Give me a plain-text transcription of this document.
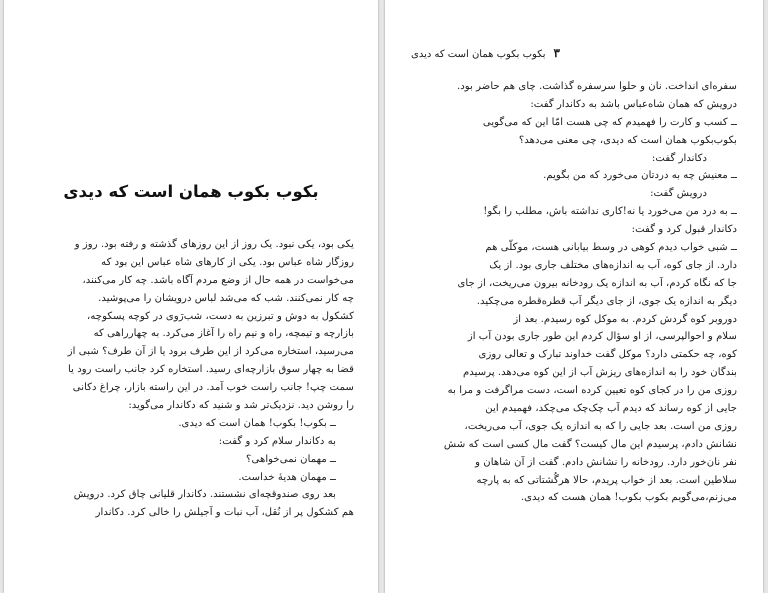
بکوب بکوب همان است که دیدی
یکی بود، یکی نبود. یک روز از این روزهای گذشته و رفته بود. روز و
روزگار شاه عباس بود. یکی از کارهای شاه عباس این بود که
می‌خواست در همه حال از وضع مردم آگاه باشد. چه کار می‌کنند،
چه کار نمی‌کنند. شب که می‌شد لباس درویشان را می‌پوشید.
کشکول به دوش و تبرزین به دست، شب‌رَوی در کوچه پسکوچه،
بازارچه و تیمچه، راه و نیم راه را آغاز می‌کرد. به چهارراهی که
می‌رسید، استخاره می‌کرد از این طرف برود یا از آن طرف؟ شبی از
قضا به چهار سوق بازارچه‌ای رسید. استخاره کرد جانب راست رود یا
سمت چپ! جانب راست خوب آمد. در این راسته بازار، چراغ دکانی
را روشن دید. نزدیک‌تر شد و شنید که دکاندار می‌گوید:
ــ بکوب! بکوب! همان است که دیدی.
به دکاندار سلام کرد و گفت:
ــ مهمان نمی‌خواهی؟
ــ مهمان هدیهٔ خداست.
بعد روی صندوقچه‌ای نشستند. دکاندار قلیانی چاق کرد. درویش
هم کشکول پر از نُقل، آب نبات و آجیلش را خالی کرد. دکاندار
۳
بکوب بکوب همان است که دیدی
سفره‌ای انداخت. نان و حلوا سرسفره گذاشت. چای هم حاضر بود.
درویش که همان شاه‌عباس باشد به دکاندار گفت:
ــ کسب و کارت را فهمیدم که چی هست امّا این که می‌گویی
بکوب‌بکوب همان است که دیدی، چی معنی می‌دهد؟
دکاندار گفت:
ــ معنیش چه به دردتان می‌خورد که من بگویم.
درویش گفت:
ــ به درد من می‌خورد یا نه!کاری نداشته باش، مطلب را بگو!
دکاندار قبول کرد و گفت:
ــ شبی خواب دیدم کوهی در وسط بیابانی هست، موکلّی هم
دارد. از جای کوه، آب به اندازه‌های مختلف جاری بود. از یک
جا که نگاه کردم، آب به اندازه یک رودخانه بیرون می‌ریخت، از جای
دیگر به اندازه یک جوی، از جای دیگر آب قطره‌قطره می‌چکید.
دوروبر کوه گردش کردم. به موکل کوه رسیدم. بعد از
سلام و احوالپرسی، از او سؤال کردم این طور جاری بودن آب از
کوه، چه حکمتی دارد؟ موکل گفت خداوند تبارک و تعالی روزی
بندگان خود را به اندازه‌های ریزش آب از این کوه می‌دهد. پرسیدم
روزی من را در کجای کوه تعیین کرده است، دست مراگرفت و مرا به
جایی از کوه رساند که دیدم آب چک‌چک می‌چکد، فهمیدم این
روزی من است. بعد جایی را که به اندازه یک جوی، آب می‌ریخت،
نشانش دادم، پرسیدم این مال کیست؟ گفت مال کسی است که شش
نفر نان‌خور دارد. رودخانه را نشانش دادم. گفت از آن شاهان و
سلاطین است. بعد از خواب پریدم، حالا هرگُشتاتی که به پارچه
می‌زنم،می‌گویم بکوب بکوب! همان هست که دیدی.
